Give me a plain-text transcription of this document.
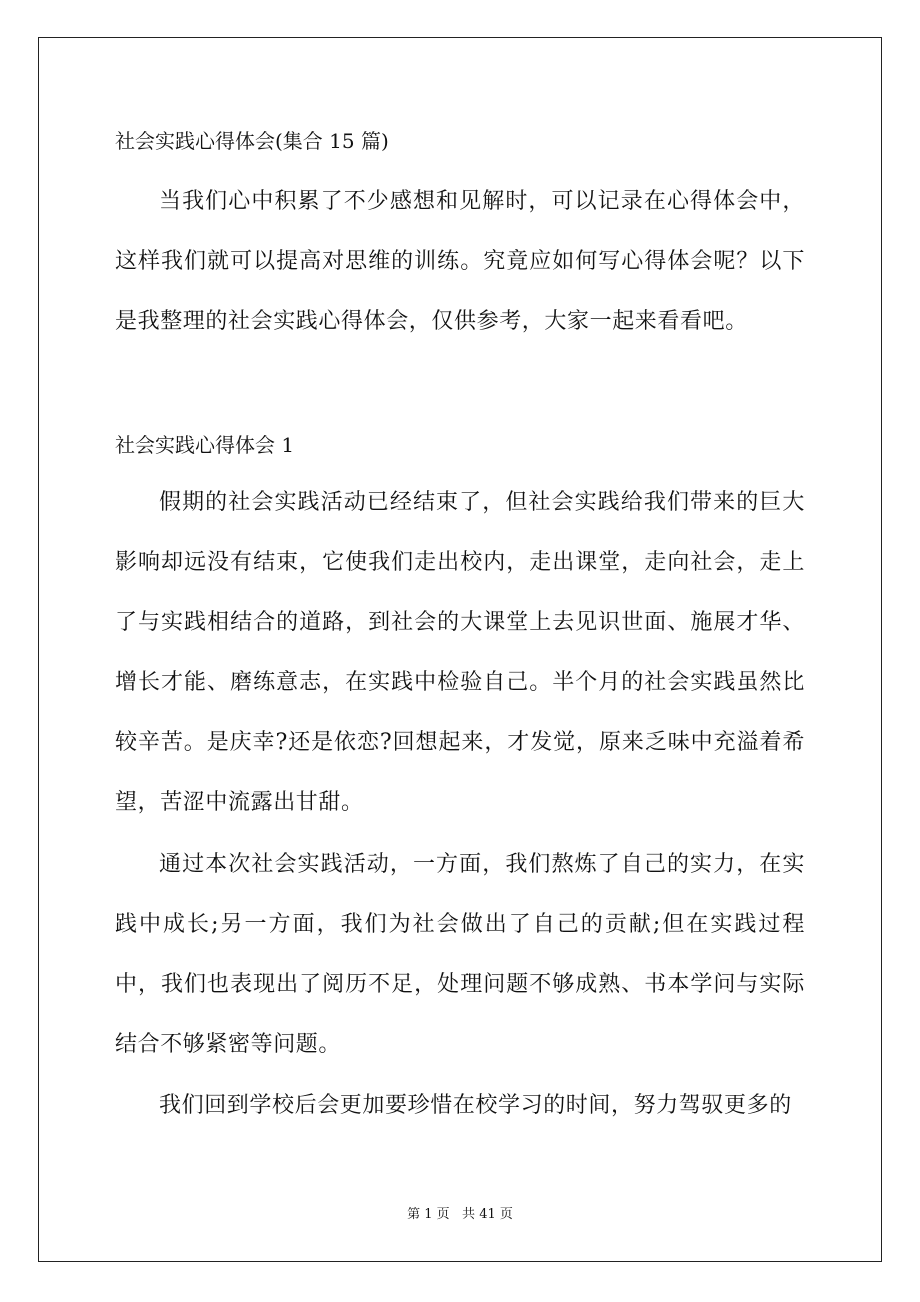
社会实践心得体会(集合 15 篇)

当我们心中积累了不少感想和见解时，可以记录在心得体会中，这样我们就可以提高对思维的训练。究竟应如何写心得体会呢？以下是我整理的社会实践心得体会，仅供参考，大家一起来看看吧。

社会实践心得体会 1

假期的社会实践活动已经结束了，但社会实践给我们带来的巨大影响却远没有结束，它使我们走出校内，走出课堂，走向社会，走上了与实践相结合的道路，到社会的大课堂上去见识世面、施展才华、增长才能、磨练意志，在实践中检验自己。半个月的社会实践虽然比较辛苦。是庆幸?还是依恋?回想起来，才发觉，原来乏味中充溢着希望，苦涩中流露出甘甜。

通过本次社会实践活动，一方面，我们熬炼了自己的实力，在实践中成长;另一方面，我们为社会做出了自己的贡献;但在实践过程中，我们也表现出了阅历不足，处理问题不够成熟、书本学问与实际结合不够紧密等问题。

我们回到学校后会更加要珍惜在校学习的时间，努力驾驭更多的

第 1 页   共 41 页
